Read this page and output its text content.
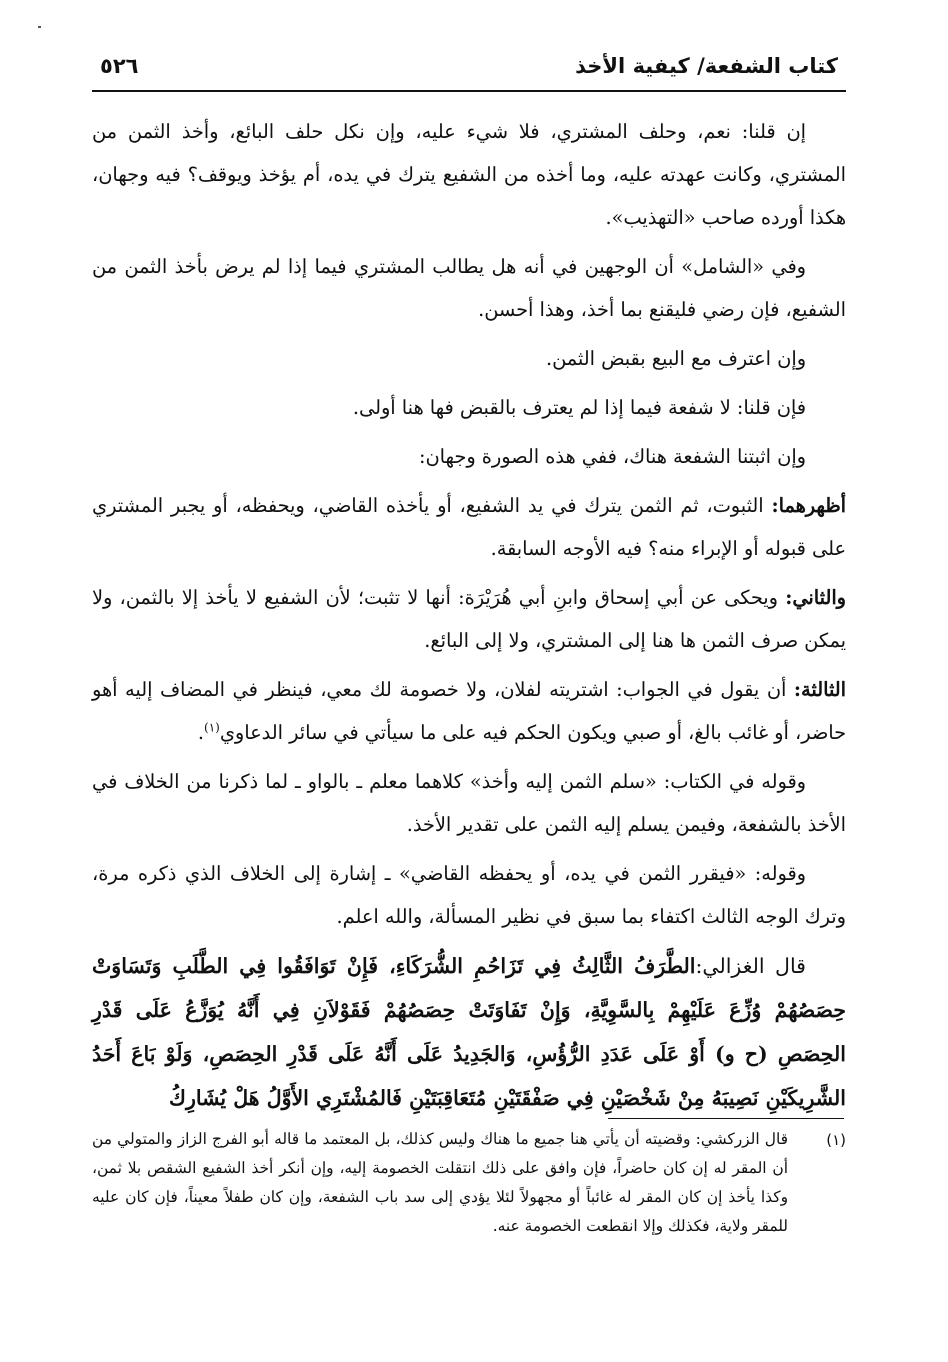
كتاب الشفعة/ كيفية الأخذ
٥٢٦

إن قلنا: نعم، وحلف المشتري، فلا شيء عليه، وإن نكل حلف البائع، وأخذ الثمن من المشتري، وكانت عهدته عليه، وما أخذه من الشفيع يترك في يده، أم يؤخذ ويوقف؟ فيه وجهان، هكذا أورده صاحب «التهذيب».

وفي «الشامل» أن الوجهين في أنه هل يطالب المشتري فيما إذا لم يرض بأخذ الثمن من الشفيع، فإن رضي فليقنع بما أخذ، وهذا أحسن.

وإن اعترف مع البيع بقبض الثمن.

فإن قلنا: لا شفعة فيما إذا لم يعترف بالقبض فها هنا أولى.

وإن اثبتنا الشفعة هناك، ففي هذه الصورة وجهان:

أظهرهما: الثبوت، ثم الثمن يترك في يد الشفيع، أو يأخذه القاضي، ويحفظه، أو يجبر المشتري على قبوله أو الإبراء منه؟ فيه الأوجه السابقة.

والثاني: ويحكى عن أبي إسحاق وابنِ أبي هُرَيْرَة: أنها لا تثبت؛ لأن الشفيع لا يأخذ إلا بالثمن، ولا يمكن صرف الثمن ها هنا إلى المشتري، ولا إلى البائع.

الثالثة: أن يقول في الجواب: اشتريته لفلان، ولا خصومة لك معي، فينظر في المضاف إليه أهو حاضر، أو غائب بالغ، أو صبي ويكون الحكم فيه على ما سيأتي في سائر الدعاوي$^{(١)}$.

وقوله في الكتاب: «سلم الثمن إليه وأخذ» كلاهما معلم ـ بالواو ـ لما ذكرنا من الخلاف في الأخذ بالشفعة، وفيمن يسلم إليه الثمن على تقدير الأخذ.

وقوله: «فيقرر الثمن في يده، أو يحفظه القاضي» ـ إشارة إلى الخلاف الذي ذكره مرة، وترك الوجه الثالث اكتفاء بما سبق في نظير المسألة، والله اعلم.

قال الغزالي:الطَّرَفُ الثَّالِثُ فِي تَزَاحُمِ الشُّرَكَاءِ، فَإِنْ تَوَافَقُوا فِي الطَّلَبِ وَتَسَاوَتْ حِصَصُهُمْ وُزِّعَ عَلَيْهِمْ بِالسَّوِيَّةِ، وَإِنْ تَفَاوَتَتْ حِصَصُهُمْ فَقَوْلاَنِ فِي أَنَّهُ يُوَزَّعُ عَلَى قَدْرِ الحِصَصِ (ح و) أَوْ عَلَى عَدَدِ الرُّؤُسِ، وَالجَدِيدُ عَلَى أَنَّهُ عَلَى قَدْرِ الحِصَصِ، وَلَوْ بَاعَ أَحَدُ الشَّرِيكَيْنِ نَصِيبَهُ مِنْ شَخْصَيْنِ فِي صَفْقَتَيْنِ مُتَعَاقِبَتَيْنِ فَالمُشْتَرِي الأَوَّلُ هَلْ يُشَارِكُ

(١)
قال الزركشي: وقضيته أن يأتي هنا جميع ما هناك وليس كذلك، بل المعتمد ما قاله أبو الفرج الزاز والمتولي من أن المقر له إن كان حاضراً، فإن وافق على ذلك انتقلت الخصومة إليه، وإن أنكر أخذ الشفيع الشقص بلا ثمن، وكذا يأخذ إن كان المقر له غائباً أو مجهولاً لئلا يؤدي إلى سد باب الشفعة، وإن كان طفلاً معيناً، فإن كان عليه للمقر ولاية، فكذلك وإلا انقطعت الخصومة عنه.
